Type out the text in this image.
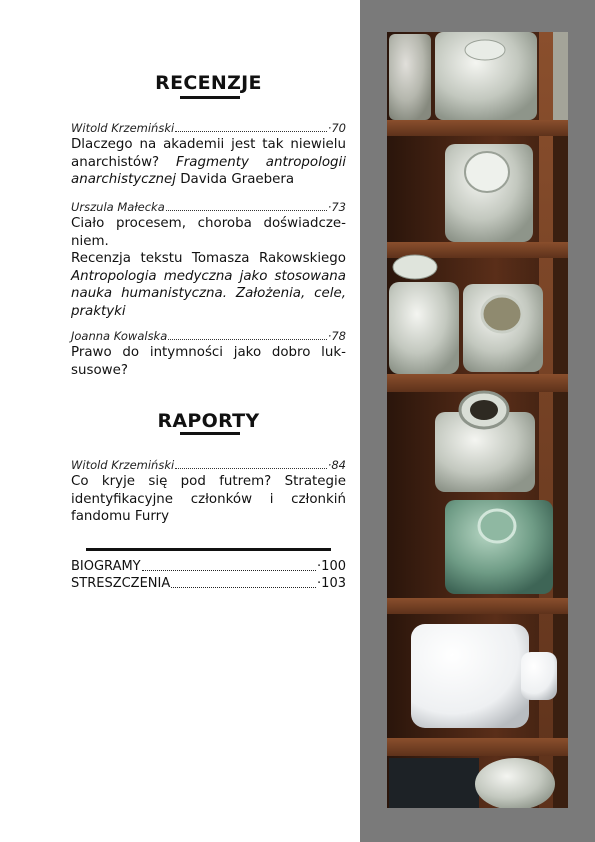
RECENZJE
Witold Krzemiński	·70
Dlaczego na akademii jest tak niewielu anarchistów? Fragmenty antropologii anarchistycznej Davida Graebera
Urszula Małecka	·73
Ciało procesem, choroba doświadczeniem.
Recenzja tekstu Tomasza Rakowskiego Antropologia medyczna jako stosowana nauka humanistyczna. Założenia, cele, praktyki
Joanna Kowalska	·78
Prawo do intymności jako dobro luksusowe?
RAPORTY
Witold Krzemiński	·84
Co kryje się pod futrem? Strategie identyfikacyjne członków i członkiń fandomu Furry
BIOGRAMY	·100
STRESZCZENIA	·103
